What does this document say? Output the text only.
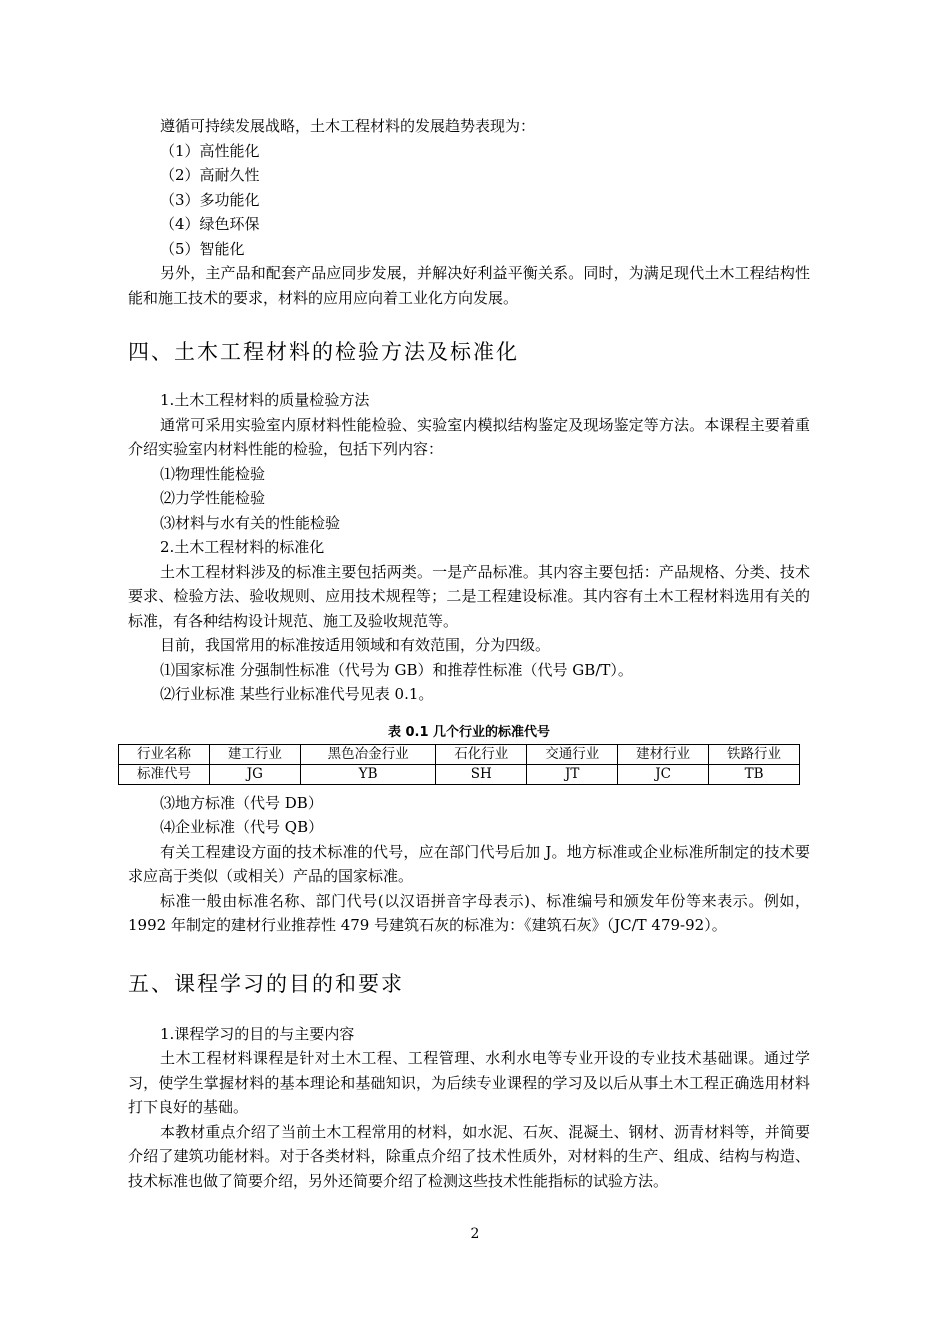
遵循可持续发展战略，土木工程材料的发展趋势表现为：

（1）高性能化

（2）高耐久性

（3）多功能化

（4）绿色环保

（5）智能化

另外，主产品和配套产品应同步发展，并解决好利益平衡关系。同时，为满足现代土木工程结构性能和施工技术的要求，材料的应用应向着工业化方向发展。

四、土木工程材料的检验方法及标准化

1.土木工程材料的质量检验方法

通常可采用实验室内原材料性能检验、实验室内模拟结构鉴定及现场鉴定等方法。本课程主要着重介绍实验室内材料性能的检验，包括下列内容：

⑴物理性能检验

⑵力学性能检验

⑶材料与水有关的性能检验

2.土木工程材料的标准化

土木工程材料涉及的标准主要包括两类。一是产品标准。其内容主要包括：产品规格、分类、技术要求、检验方法、验收规则、应用技术规程等；二是工程建设标准。其内容有土木工程材料选用有关的标准，有各种结构设计规范、施工及验收规范等。

目前，我国常用的标准按适用领域和有效范围，分为四级。

⑴国家标准 分强制性标准（代号为 GB）和推荐性标准（代号 GB/T）。

⑵行业标准 某些行业标准代号见表 0.1。

表 0.1 几个行业的标准代号
行业名称	建工行业	黑色冶金行业	石化行业	交通行业	建材行业	铁路行业
标准代号	JG	YB	SH	JT	JC	TB

⑶地方标准（代号 DB）

⑷企业标准（代号 QB）

有关工程建设方面的技术标准的代号，应在部门代号后加 J。地方标准或企业标准所制定的技术要求应高于类似（或相关）产品的国家标准。

标准一般由标准名称、部门代号(以汉语拼音字母表示)、标准编号和颁发年份等来表示。例如，1992 年制定的建材行业推荐性 479 号建筑石灰的标准为：《建筑石灰》（JC/T 479-92）。

五、课程学习的目的和要求

1.课程学习的目的与主要内容

土木工程材料课程是针对土木工程、工程管理、水利水电等专业开设的专业技术基础课。通过学习，使学生掌握材料的基本理论和基础知识，为后续专业课程的学习及以后从事土木工程正确选用材料打下良好的基础。

本教材重点介绍了当前土木工程常用的材料，如水泥、石灰、混凝土、钢材、沥青材料等，并简要介绍了建筑功能材料。对于各类材料，除重点介绍了技术性质外，对材料的生产、组成、结构与构造、技术标准也做了简要介绍，另外还简要介绍了检测这些技术性能指标的试验方法。

2
